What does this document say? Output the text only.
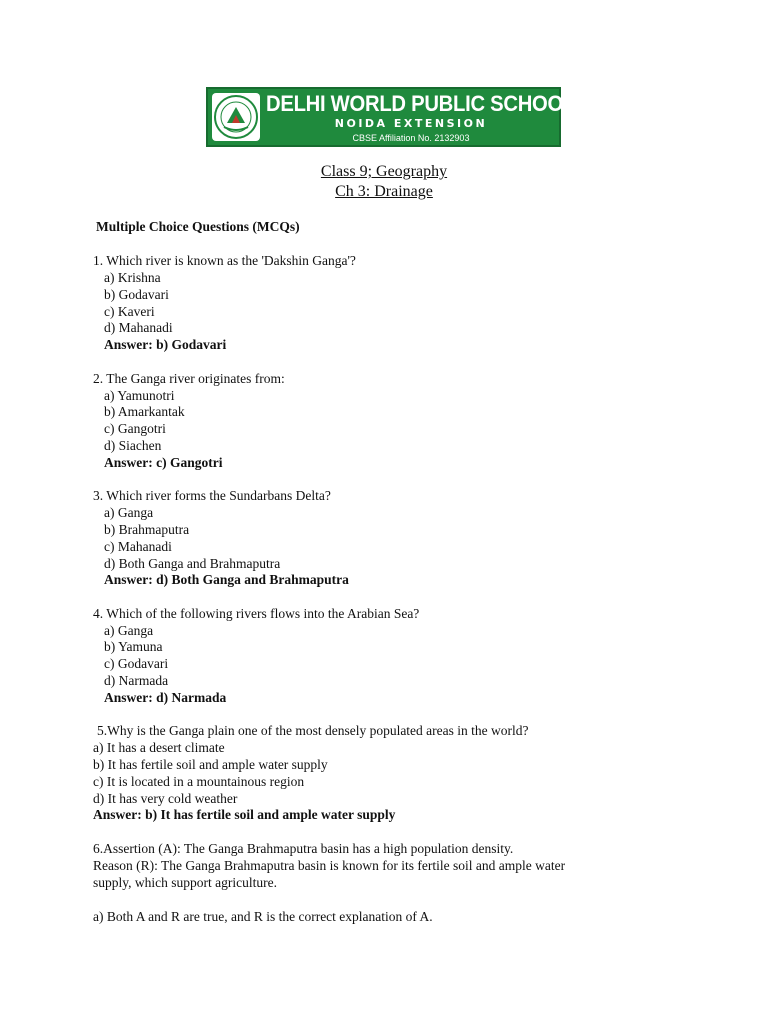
DELHI WORLD PUBLIC SCHOOL
NOIDA EXTENSION
CBSE Affiliation No. 2132903
Class 9; Geography
Ch 3: Drainage
Multiple Choice Questions (MCQs)
1. Which river is known as the 'Dakshin Ganga'?
a) Krishna
b) Godavari
c) Kaveri
d) Mahanadi
Answer: b) Godavari
2. The Ganga river originates from:
a) Yamunotri
b) Amarkantak
c) Gangotri
d) Siachen
Answer: c) Gangotri
3. Which river forms the Sundarbans Delta?
a) Ganga
b) Brahmaputra
c) Mahanadi
d) Both Ganga and Brahmaputra
Answer: d) Both Ganga and Brahmaputra
4. Which of the following rivers flows into the Arabian Sea?
a) Ganga
b) Yamuna
c) Godavari
d) Narmada
Answer: d) Narmada
5.Why is the Ganga plain one of the most densely populated areas in the world?
a) It has a desert climate
b) It has fertile soil and ample water supply
c) It is located in a mountainous region
d) It has very cold weather
Answer: b) It has fertile soil and ample water supply
6.Assertion (A): The Ganga Brahmaputra basin has a high population density.
Reason (R): The Ganga Brahmaputra basin is known for its fertile soil and ample water
supply, which support agriculture.
a) Both A and R are true, and R is the correct explanation of A.
